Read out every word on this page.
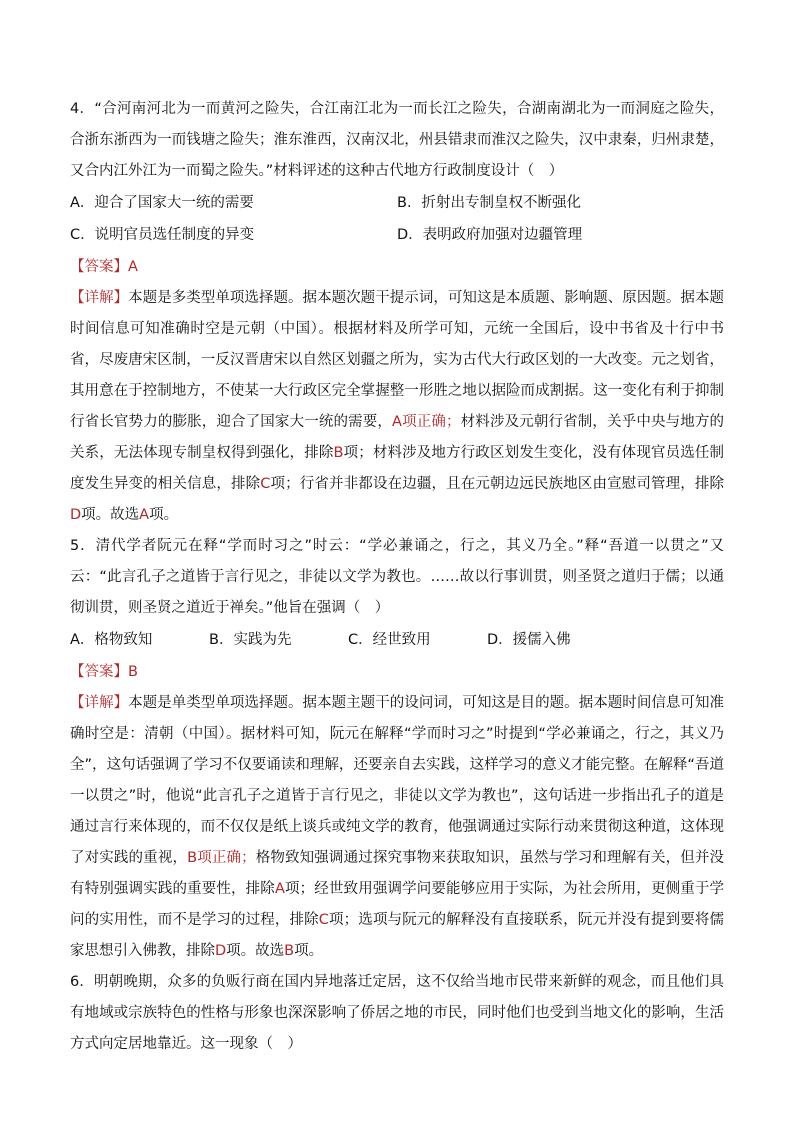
4．“合河南河北为一而黄河之险失，合江南江北为一而长江之险失，合湖南湖北为一而洞庭之险失，合浙东浙西为一而钱塘之险失；淮东淮西，汉南汉北，州县错隶而淮汉之险失，汉中隶秦，归州隶楚，又合内江外江为一而蜀之险失。”材料评述的这种古代地方行政制度设计（　）

A．迎合了国家大一统的需要	B．折射出专制皇权不断强化
C．说明官员选任制度的异变	D．表明政府加强对边疆管理
【答案】A

【详解】本题是多类型单项选择题。据本题次题干提示词，可知这是本质题、影响题、原因题。据本题时间信息可知准确时空是元朝（中国）。根据材料及所学可知，元统一全国后，设中书省及十行中书省，尽废唐宋区制，一反汉晋唐宋以自然区划疆之所为，实为古代大行政区划的一大改变。元之划省，其用意在于控制地方，不使某一大行政区完全掌握整一形胜之地以据险而成割据。这一变化有利于抑制行省长官势力的膨胀，迎合了国家大一统的需要，A项正确；材料涉及元朝行省制，关乎中央与地方的关系，无法体现专制皇权得到强化，排除B项；材料涉及地方行政区划发生变化，没有体现官员选任制度发生异变的相关信息，排除C项；行省并非都设在边疆，且在元朝边远民族地区由宣慰司管理，排除D项。故选A项。

5．清代学者阮元在释“学而时习之”时云：“学必兼诵之，行之，其义乃全。”释“吾道一以贯之”又云：“此言孔子之道皆于言行见之，非徒以文学为教也。……故以行事训贯，则圣贤之道归于儒；以通彻训贯，则圣贤之道近于禅矣。”他旨在强调（　）

A．格物致知	B．实践为先	C．经世致用	D．援儒入佛
【答案】B

【详解】本题是单类型单项选择题。据本题主题干的设问词，可知这是目的题。据本题时间信息可知准确时空是：清朝（中国）。据材料可知，阮元在解释“学而时习之”时提到“学必兼诵之，行之，其义乃全”，这句话强调了学习不仅要诵读和理解，还要亲自去实践，这样学习的意义才能完整。在解释“吾道一以贯之”时，他说“此言孔子之道皆于言行见之，非徒以文学为教也”，这句话进一步指出孔子的道是通过言行来体现的，而不仅仅是纸上谈兵或纯文学的教育，他强调通过实际行动来贯彻这种道，这体现了对实践的重视，B项正确；格物致知强调通过探究事物来获取知识，虽然与学习和理解有关，但并没有特别强调实践的重要性，排除A项；经世致用强调学问要能够应用于实际，为社会所用，更侧重于学问的实用性，而不是学习的过程，排除C项；选项与阮元的解释没有直接联系，阮元并没有提到要将儒家思想引入佛教，排除D项。故选B项。

6．明朝晚期，众多的负贩行商在国内异地落迁定居，这不仅给当地市民带来新鲜的观念，而且他们具有地域或宗族特色的性格与形象也深深影响了侨居之地的市民，同时他们也受到当地文化的影响，生活方式向定居地靠近。这一现象（　）
